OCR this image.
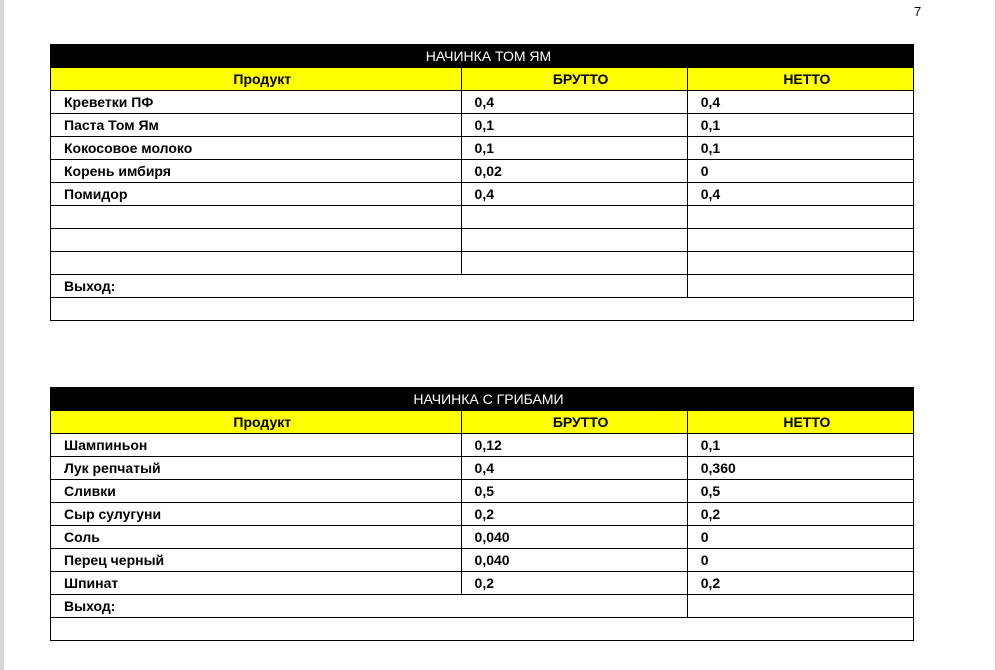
7
НАЧИНКА ТОМ ЯМ		
Продукт	БРУТТО	НЕТТО
Креветки ПФ	0,4	0,4
Паста Том Ям	0,1	0,1
Кокосовое молоко	0,1	0,1
Корень имбиря	0,02	0
Помидор	0,4	0,4

Выход:		

НАЧИНКА С ГРИБАМИ		
Продукт	БРУТТО	НЕТТО
Шампиньон	0,12	0,1
Лук репчатый	0,4	0,360
Сливки	0,5	0,5
Сыр сулугуни	0,2	0,2
Соль	0,040	0
Перец черный	0,040	0
Шпинат	0,2	0,2
Выход:		
